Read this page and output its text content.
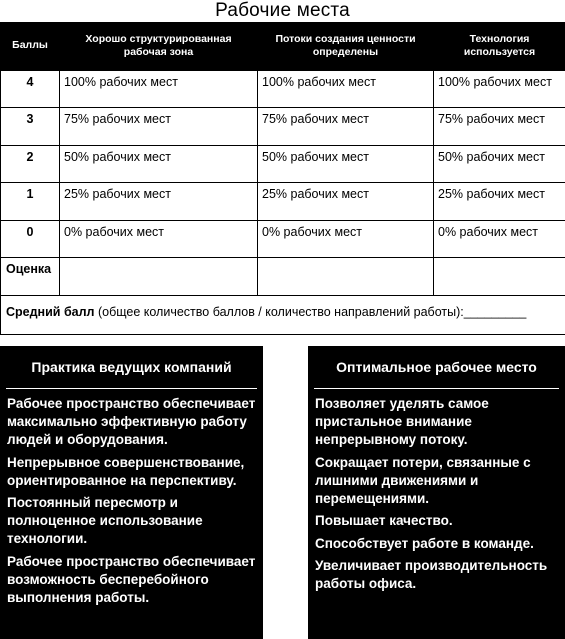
Рабочие места
Баллы	Хорошо структурированная рабочая зона	Потоки создания ценности определены	Технология используется
4	100% рабочих мест	100% рабочих мест	100% рабочих мест
3	75% рабочих мест	75% рабочих мест	75% рабочих мест
2	50% рабочих мест	50% рабочих мест	50% рабочих мест
1	25% рабочих мест	25% рабочих мест	25% рабочих мест
0	0% рабочих мест	0% рабочих мест	0% рабочих мест
Оценка			
Средний балл (общее количество баллов / количество направлений работы):_________			
Практика ведущих компаний
Рабочее пространство обеспечивает максимально эффективную работу людей и оборудования.
Непрерывное совершенствование, ориентированное на перспективу.
Постоянный пересмотр и полноценное использование технологии.
Рабочее пространство обеспечивает возможность бесперебойного выполнения работы.
Оптимальное рабочее место
Позволяет уделять самое пристальное внимание непрерывному потоку.
Сокращает потери, связанные с лишними движениями и перемещениями.
Повышает качество.
Способствует работе в команде.
Увеличивает производительность работы офиса.
